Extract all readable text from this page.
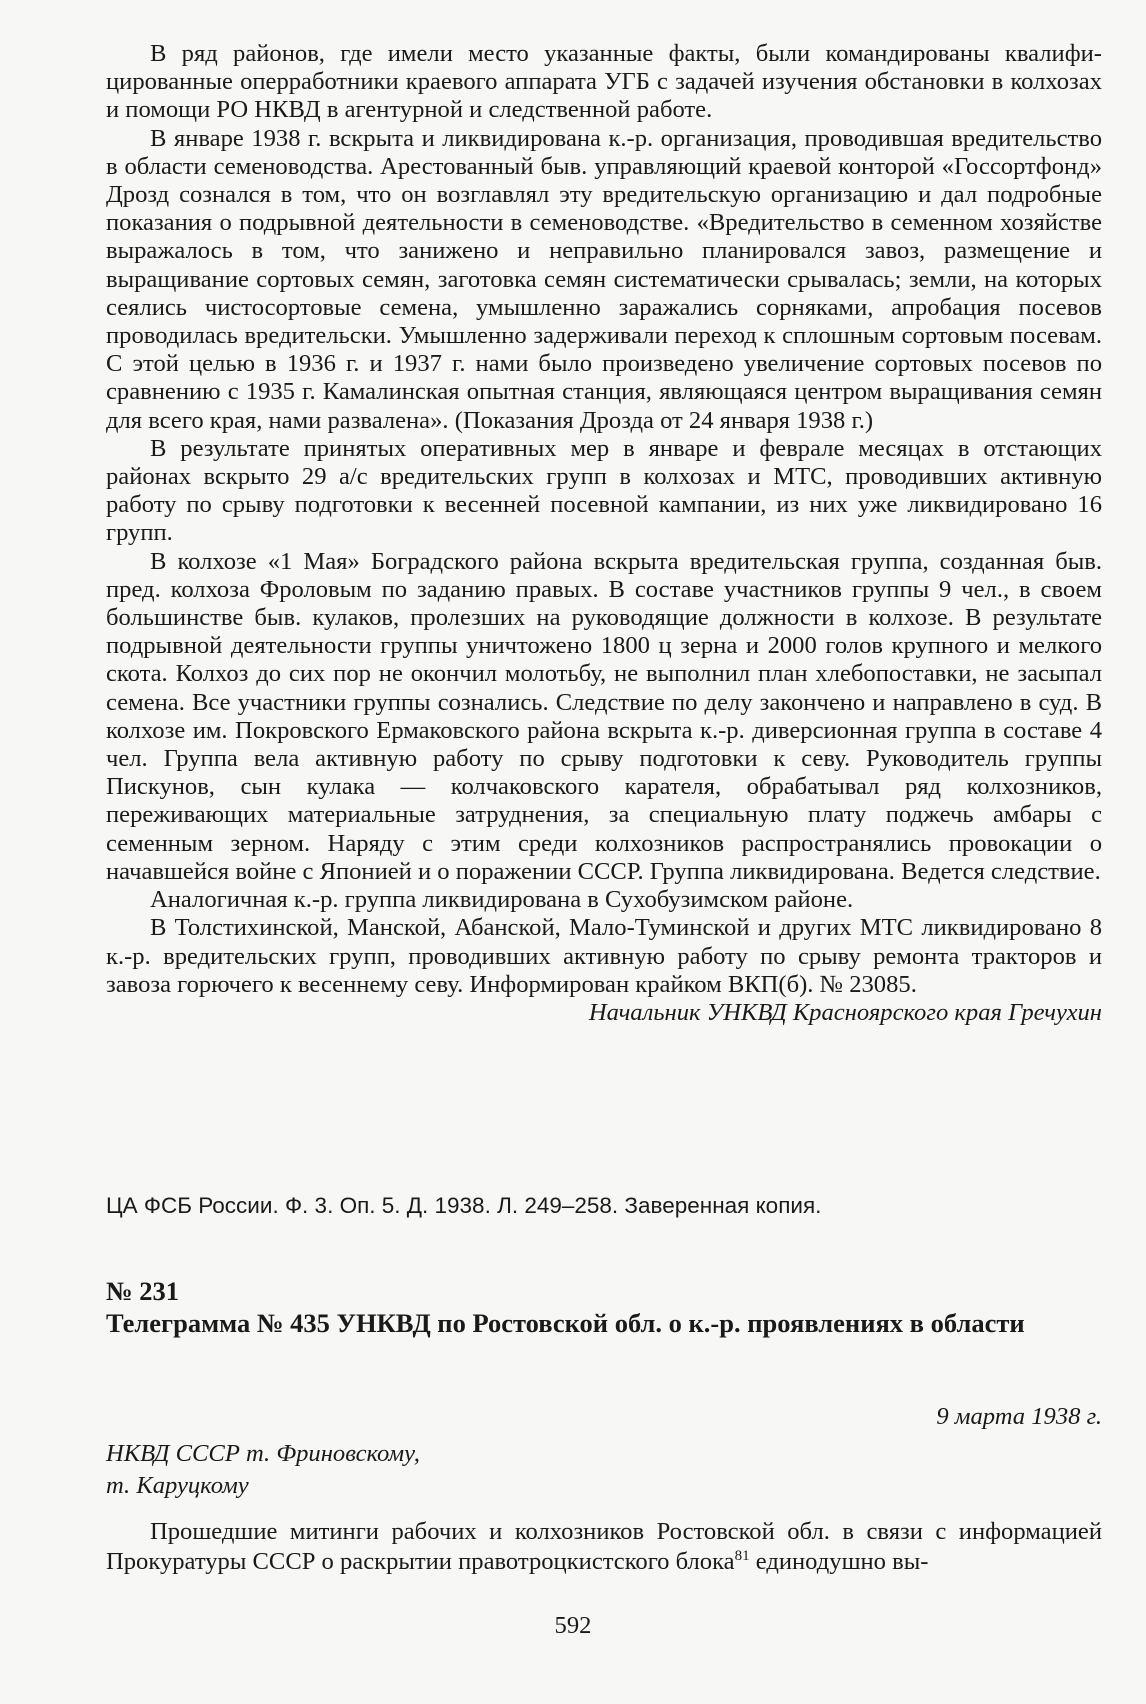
В ряд районов, где имели место указанные факты, были командированы квалифицированные оперработники краевого аппарата УГБ с задачей изучения обстановки в колхозах и помощи РО НКВД в агентурной и следственной работе.

В январе 1938 г. вскрыта и ликвидирована к.-р. организация, проводившая вредительство в области семеноводства. Арестованный быв. управляющий краевой конторой «Госсортфонд» Дрозд сознался в том, что он возглавлял эту вредительскую организацию и дал подробные показания о подрывной деятельности в семеноводстве. «Вредительство в семенном хозяйстве выражалось в том, что занижено и неправильно планировался завоз, размещение и выращивание сортовых семян, заготовка семян систематически срывалась; земли, на которых сеялись чистосортовые семена, умышленно заражались сорняками, апробация посевов проводилась вредительски. Умышленно задерживали переход к сплошным сортовым посевам. С этой целью в 1936 г. и 1937 г. нами было произведено увеличение сортовых посевов по сравнению с 1935 г. Камалинская опытная станция, являющаяся центром выращивания семян для всего края, нами развалена». (Показания Дрозда от 24 января 1938 г.)

В результате принятых оперативных мер в январе и феврале месяцах в отстающих районах вскрыто 29 а/с вредительских групп в колхозах и МТС, проводивших активную работу по срыву подготовки к весенней посевной кампании, из них уже ликвидировано 16 групп.

В колхозе «1 Мая» Боградского района вскрыта вредительская группа, созданная быв. пред. колхоза Фроловым по заданию правых. В составе участников группы 9 чел., в своем большинстве быв. кулаков, пролезших на руководящие должности в колхозе. В результате подрывной деятельности группы уничтожено 1800 ц зерна и 2000 голов крупного и мелкого скота. Колхоз до сих пор не окончил молотьбу, не выполнил план хлебопоставки, не засыпал семена. Все участники группы сознались. Следствие по делу закончено и направлено в суд. В колхозе им. Покровского Ермаковского района вскрыта к.-р. диверсионная группа в составе 4 чел. Группа вела активную работу по срыву подготовки к севу. Руководитель группы Пискунов, сын кулака — колчаковского карателя, обрабатывал ряд колхозников, переживающих материальные затруднения, за специальную плату поджечь амбары с семенным зерном. Наряду с этим среди колхозников распространялись провокации о начавшейся войне с Японией и о поражении СССР. Группа ликвидирована. Ведется следствие.

Аналогичная к.-р. группа ликвидирована в Сухобузимском районе.

В Толстихинской, Манской, Абанской, Мало-Туминской и других МТС ликвидировано 8 к.-р. вредительских групп, проводивших активную работу по срыву ремонта тракторов и завоза горючего к весеннему севу. Информирован крайком ВКП(б). № 23085.

Начальник УНКВД Красноярского края Гречухин

ЦА ФСБ России. Ф. 3. Оп. 5. Д. 1938. Л. 249–258. Заверенная копия.
№ 231
Телеграмма № 435 УНКВД по Ростовской обл. о к.-р. проявлениях в области
9 марта 1938 г.
НКВД СССР т. Фриновскому,
т. Каруцкому

Прошедшие митинги рабочих и колхозников Ростовской обл. в связи с информацией Прокуратуры СССР о раскрытии правотроцкистского блока$^{81}$ единодушно вы-

592
